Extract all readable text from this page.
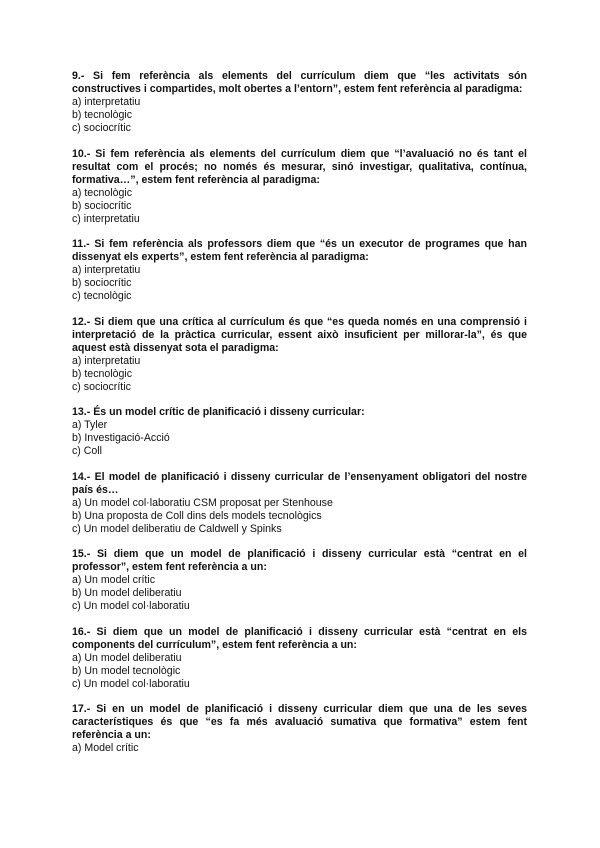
9.- Si fem referència als elements del currículum diem que “les activitats són constructives i compartides, molt obertes a l’entorn”, estem fent referència al paradigma:
a) interpretatiu
b) tecnològic
c) sociocrític
10.- Si fem referència als elements del currículum diem que “l’avaluació no és tant el resultat com el procés; no només és mesurar, sinó investigar, qualitativa, contínua, formativa…”, estem fent referència al paradigma:
a) tecnològic
b) sociocrític
c) interpretatiu
11.- Si fem referència als professors diem que “és un executor de programes que han dissenyat els experts”, estem fent referència al paradigma:
a) interpretatiu
b) sociocrític
c) tecnològic
12.- Si diem que una crítica al currículum és que “es queda només en una comprensió i interpretació de la pràctica curricular, essent això insuficient per millorar-la”, és que aquest està dissenyat sota el paradigma:
a) interpretatiu
b) tecnològic
c) sociocrític
13.- És un model crític de planificació i disseny curricular:
a) Tyler
b) Investigació-Acció
c) Coll
14.- El model de planificació i disseny curricular de l’ensenyament obligatori del nostre país és…
a) Un model col·laboratiu CSM proposat per Stenhouse
b) Una proposta de Coll dins dels models tecnològics
c) Un model deliberatiu de Caldwell y Spinks
15.- Si diem que un model de planificació i disseny curricular està “centrat en el professor”, estem fent referència a un:
a) Un model crític
b) Un model deliberatiu
c) Un model col·laboratiu
16.- Si diem que un model de planificació i disseny curricular està “centrat en els components del currículum”, estem fent referència a un:
a) Un model deliberatiu
b) Un model tecnològic
c) Un model col·laboratiu
17.- Si en un model de planificació i disseny curricular diem que una de les seves característiques és que “es fa més avaluació sumativa que formativa” estem fent referència a un:
a) Model crític
